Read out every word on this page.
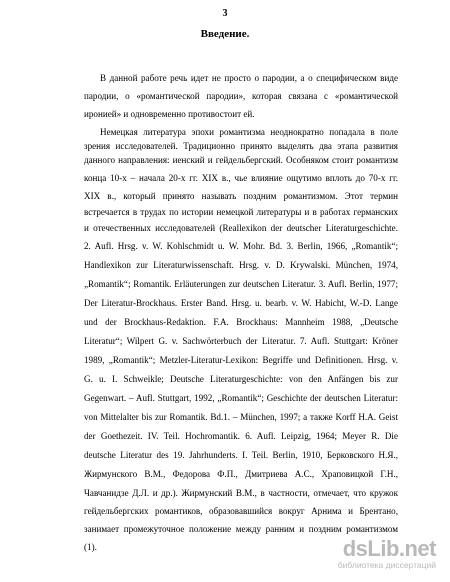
3
Введение.
В данной работе речь идет не просто о пародии, а о специфическом виде
пародии, о «романтической пародии», которая связана с «романтической
иронией» и одновременно противостоит ей.
Немецкая литература эпохи романтизма неоднократно попадала в поле
зрения исследователей. Традиционно принято выделять два этапа развития
данного направления: иенский и гейдельбергский. Особняком стоит романтизм
конца 10-х – начала 20-х гг. XIX в., чье влияние ощутимо вплоть до 70-х гг.
XIX в., который принято называть поздним романтизмом. Этот термин
встречается в трудах по истории немецкой литературы и в работах германских
и отечественных исследователей (Reallexikon der deutscher Literaturgeschichte.
2. Aufl. Hrsg. v. W. Kohlschmidt u. W. Mohr. Bd. 3. Berlin, 1966, „Romantik“;
Handlexikon zur Literaturwissenschaft. Hrsg. v. D. Krywalski. München, 1974,
„Romantik“; Romantik. Erläuterungen zur deutschen Literatur. 3. Aufl. Berlin, 1977;
Der Literatur-Brockhaus. Erster Band. Hrsg. u. bearb. v. W. Habicht, W.-D. Lange
und der Brockhaus-Redaktion. F.A. Brockhaus: Mannheim 1988, „Deutsche
Literatur“; Wilpert G. v. Sachwörterbuch der Literatur. 7. Aufl. Stuttgart: Kröner
1989, „Romantik“; Metzler-Literatur-Lexikon: Begriffe und Definitionen. Hrsg. v.
G. u. I. Schweikle; Deutsche Literaturgeschichte: von den Anfängen bis zur
Gegenwart. – Aufl. Stuttgart, 1992, „Romantik“; Geschichte der deutschen Literatur:
von Mittelalter bis zur Romantik. Bd.1. – München, 1997; а также Korff H.A. Geist
der Goethezeit. IV. Teil. Hochromantik. 6. Aufl. Leipzig, 1964; Meyer R. Die
deutsche Literatur des 19. Jahrhunderts. I. Teil. Berlin, 1910, Берковского Н.Я.,
Жирмунского В.М., Федорова Ф.П., Дмитриева А.С., Храповицкой Г.Н.,
Чавчанидзе Д.Л. и др.). Жирмунский В.М., в частности, отмечает, что кружок
гейдельбергских романтиков, образовавшийся вокруг Арнима и Брентано,
занимает промежуточное положение между ранним и поздним романтизмом
(1).	dsLib.net
библиотека диссертаций
